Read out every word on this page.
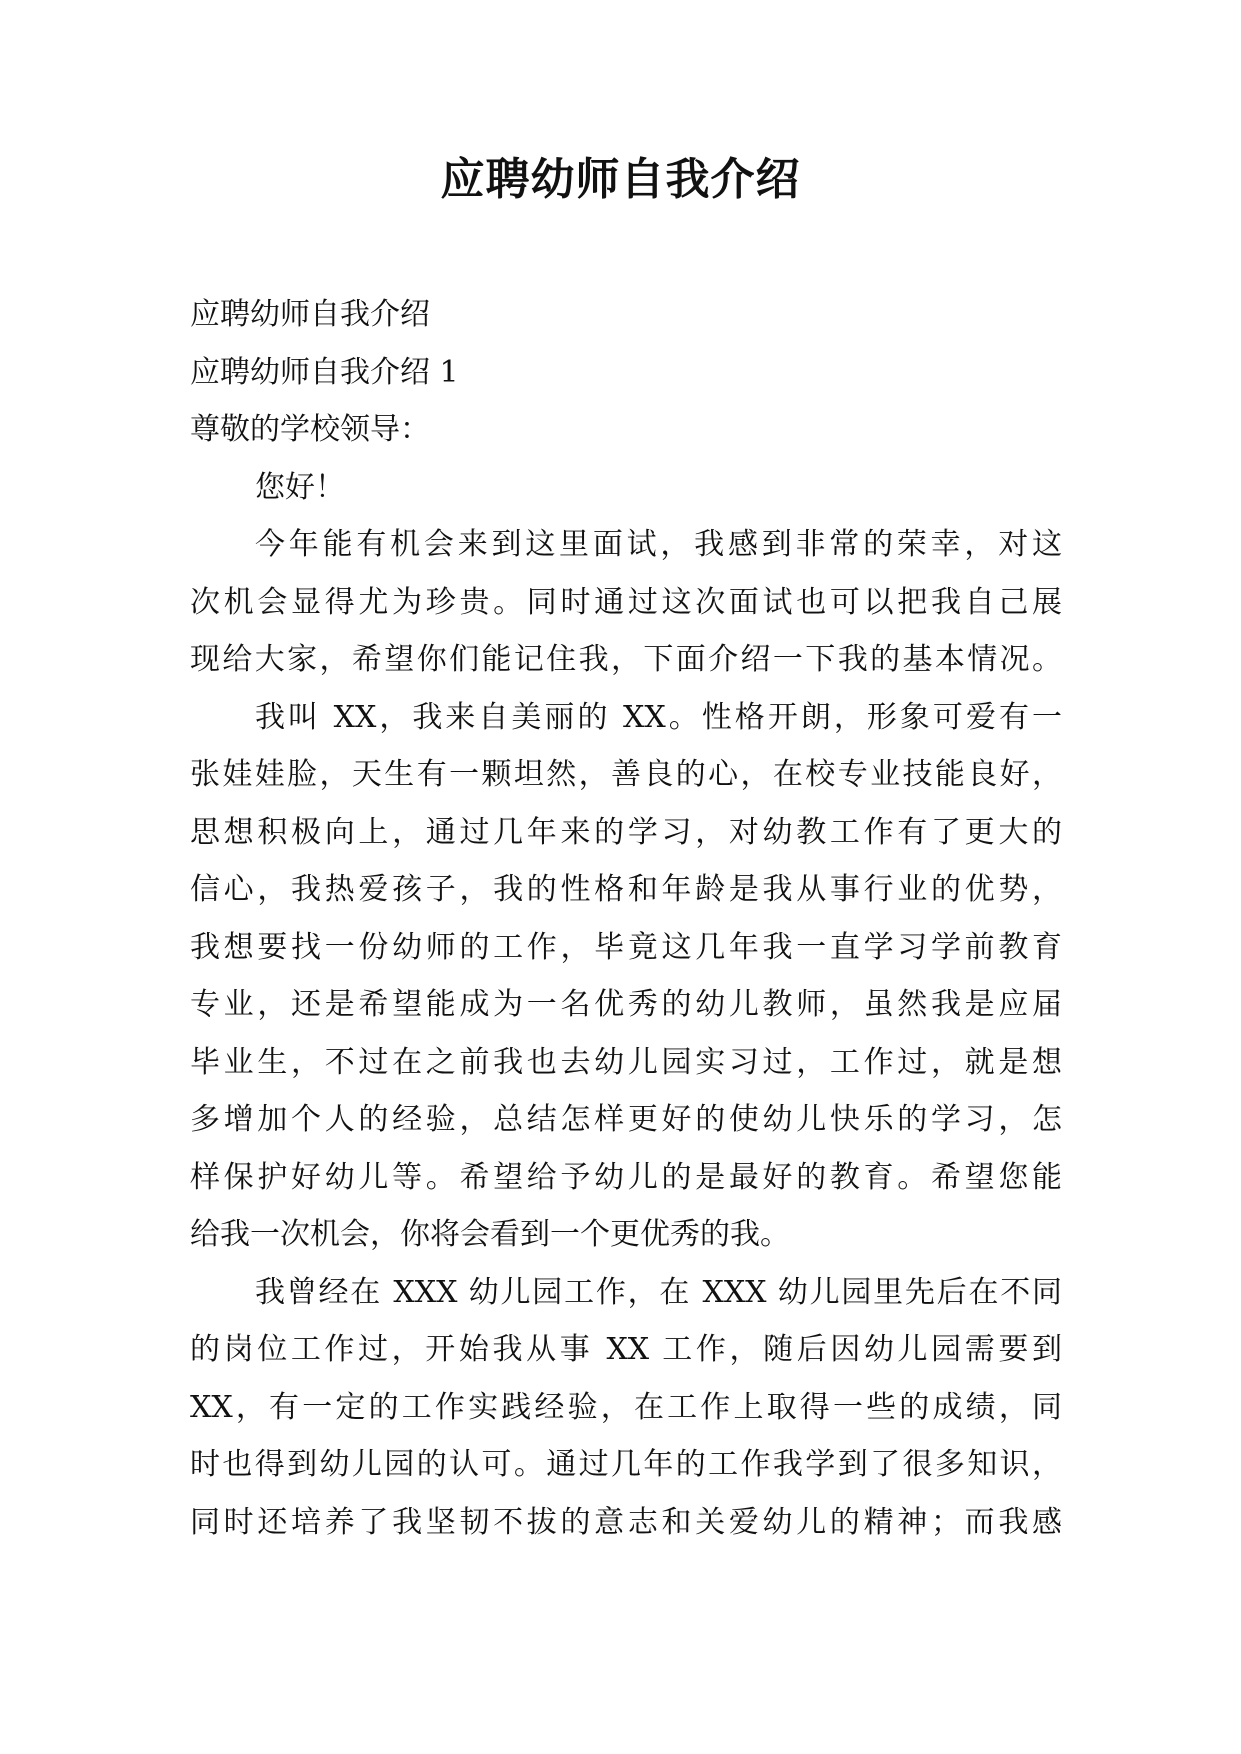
应聘幼师自我介绍

应聘幼师自我介绍

应聘幼师自我介绍 1

尊敬的学校领导：

您好！

今年能有机会来到这里面试，我感到非常的荣幸，对这

次机会显得尤为珍贵。同时通过这次面试也可以把我自己展

现给大家，希望你们能记住我，下面介绍一下我的基本情况。

我叫 XX，我来自美丽的 XX。性格开朗，形象可爱有一

张娃娃脸，天生有一颗坦然，善良的心，在校专业技能良好，

思想积极向上，通过几年来的学习，对幼教工作有了更大的

信心，我热爱孩子，我的性格和年龄是我从事行业的优势，

我想要找一份幼师的工作，毕竟这几年我一直学习学前教育

专业，还是希望能成为一名优秀的幼儿教师，虽然我是应届

毕业生，不过在之前我也去幼儿园实习过，工作过，就是想

多增加个人的经验，总结怎样更好的使幼儿快乐的学习，怎

样保护好幼儿等。希望给予幼儿的是最好的教育。希望您能

给我一次机会，你将会看到一个更优秀的我。

我曾经在 XXX 幼儿园工作，在 XXX 幼儿园里先后在不同

的岗位工作过，开始我从事 XX 工作，随后因幼儿园需要到

XX，有一定的工作实践经验，在工作上取得一些的成绩，同

时也得到幼儿园的认可。通过几年的工作我学到了很多知识，

同时还培养了我坚韧不拔的意志和关爱幼儿的精神；而我感
